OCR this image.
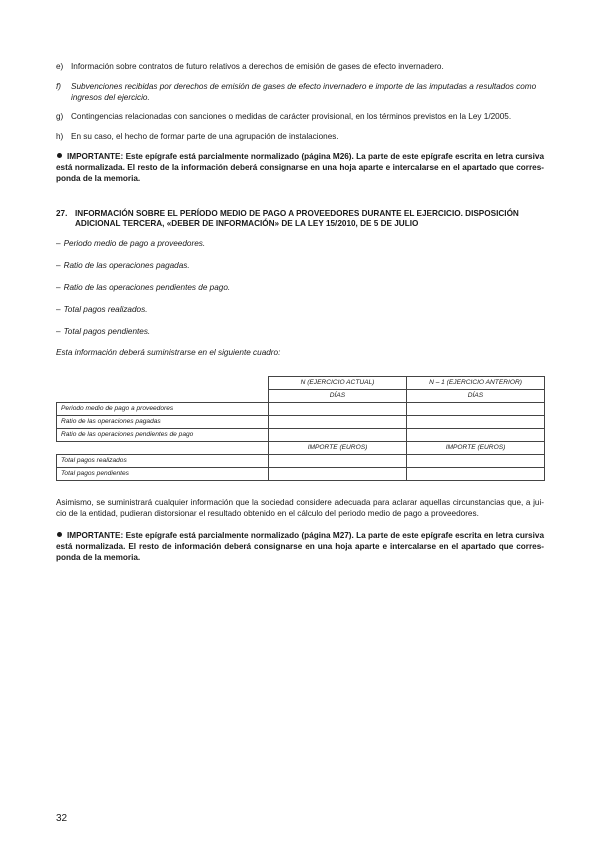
e) Información sobre contratos de futuro relativos a derechos de emisión de gases de efecto invernadero.
f)	Subvenciones recibidas por derechos de emisión de gases de efecto invernadero e importe de las imputadas a resultados como ingresos del ejercicio.
g) Contingencias relacionadas con sanciones o medidas de carácter provisional, en los términos previstos en la Ley 1/2005.
h) En su caso, el hecho de formar parte de una agrupación de instalaciones.
IMPORTANTE: Este epígrafe está parcialmente normalizado (página M26). La parte de este epígrafe escrita en letra cursiva está normalizada. El resto de la información deberá consignarse en una hoja aparte e intercalarse en el apartado que corres-ponda de la memoria.
27. INFORMACIÓN SOBRE EL PERÍODO MEDIO DE PAGO A PROVEEDORES DURANTE EL EJERCICIO. DISPOSICIÓN ADICIONAL TERCERA, «DEBER DE INFORMACIÓN» DE LA LEY 15/2010, DE 5 DE JULIO
– Periodo medio de pago a proveedores.
– Ratio de las operaciones pagadas.
– Ratio de las operaciones pendientes de pago.
– Total pagos realizados.
– Total pagos pendientes.
Esta información deberá suministrarse en el siguiente cuadro:
	N (EJERCICIO ACTUAL)	N – 1 (EJERCICIO ANTERIOR)
	DÍAS	DÍAS
Periodo medio de pago a proveedores		
Ratio de las operaciones pagadas		
Ratio de las operaciones pendientes de pago		
	IMPORTE (EUROS)	IMPORTE (EUROS)
Total pagos realizados		
Total pagos pendientes		
Asimismo, se suministrará cualquier información que la sociedad considere adecuada para aclarar aquellas circunstancias que, a jui-cio de la entidad, pudieran distorsionar el resultado obtenido en el cálculo del periodo medio de pago a proveedores.
IMPORTANTE: Este epígrafe está parcialmente normalizado (página M27). La parte de este epígrafe escrita en letra cursiva está normalizada. El resto de información deberá consignarse en una hoja aparte e intercalarse en el apartado que corres-ponda de la memoria.
32
